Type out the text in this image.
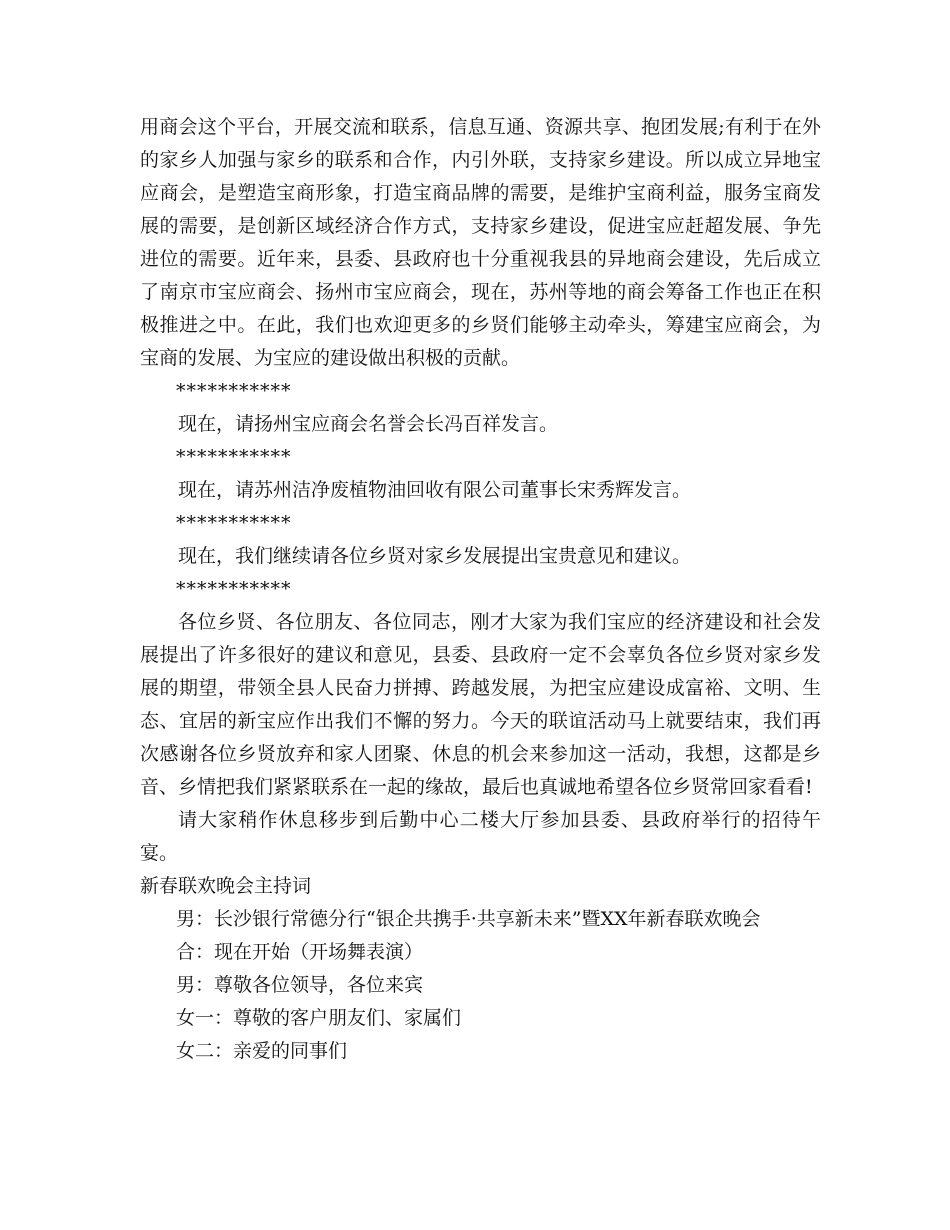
用商会这个平台，开展交流和联系，信息互通、资源共享、抱团发展;有利于在外的家乡人加强与家乡的联系和合作，内引外联，支持家乡建设。所以成立异地宝应商会，是塑造宝商形象，打造宝商品牌的需要，是维护宝商利益，服务宝商发展的需要，是创新区域经济合作方式，支持家乡建设，促进宝应赶超发展、争先进位的需要。近年来，县委、县政府也十分重视我县的异地商会建设，先后成立了南京市宝应商会、扬州市宝应商会，现在，苏州等地的商会筹备工作也正在积极推进之中。在此，我们也欢迎更多的乡贤们能够主动牵头，筹建宝应商会，为宝商的发展、为宝应的建设做出积极的贡献。

***********

现在，请扬州宝应商会名誉会长冯百祥发言。

***********

现在，请苏州洁净废植物油回收有限公司董事长宋秀辉发言。

***********

现在，我们继续请各位乡贤对家乡发展提出宝贵意见和建议。

***********

各位乡贤、各位朋友、各位同志，刚才大家为我们宝应的经济建设和社会发展提出了许多很好的建议和意见，县委、县政府一定不会辜负各位乡贤对家乡发展的期望，带领全县人民奋力拼搏、跨越发展，为把宝应建设成富裕、文明、生态、宜居的新宝应作出我们不懈的努力。今天的联谊活动马上就要结束，我们再次感谢各位乡贤放弃和家人团聚、休息的机会来参加这一活动，我想，这都是乡音、乡情把我们紧紧联系在一起的缘故，最后也真诚地希望各位乡贤常回家看看!

请大家稍作休息移步到后勤中心二楼大厅参加县委、县政府举行的招待午宴。

新春联欢晚会主持词

男：长沙银行常德分行“银企共携手·共享新未来”暨XX年新春联欢晚会

合：现在开始（开场舞表演）

男：尊敬各位领导，各位来宾

女一：尊敬的客户朋友们、家属们

女二：亲爱的同事们
